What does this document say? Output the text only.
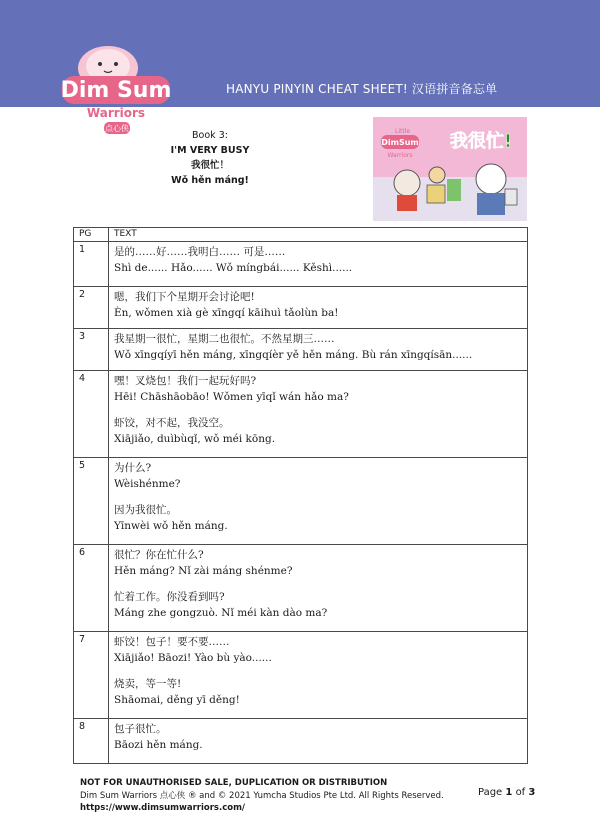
Dim Sum
Warriors
点心侠
HANYU PINYIN CHEAT SHEET! 汉语拼音备忘单
Book 3:
I'M VERY BUSY
我很忙！
Wǒ hěn máng!
Little
DimSum
Warriors
我很忙!
PG	TEXT
1	是的……好……我明白…… 可是……
Shì de...... Hǎo...... Wǒ míngbái...... Kěshì......

2	嗯，我们下个星期开会讨论吧!
Èn, wǒmen xià gè xīngqí kāihuì tǎolùn ba!

3	我星期一很忙，星期二也很忙。不然星期三……
Wǒ xīngqíyī hěn máng, xīngqíèr yě hěn máng. Bù rán xīngqísān......

4	嘿！叉烧包！我们一起玩好吗?
Hēi! Chāshāobāo! Wǒmen yīqǐ wán hǎo ma?
虾饺，对不起，我没空。
Xiājiǎo, duìbùqǐ, wǒ méi kōng.

5	为什么?
Wèishénme?
因为我很忙。
Yīnwèi wǒ hěn máng.

6	很忙？你在忙什么?
Hěn máng? Nǐ zài máng shénme?
忙着工作。你没看到吗?
Máng zhe gongzuò. Nǐ méi kàn dào ma?

7	虾饺！包子！要不要……
Xiājiǎo! Bāozi! Yào bù yào......
烧卖，等一等!
Shāomai, děng yī děng!

8	包子很忙。
Bāozi hěn máng.
NOT FOR UNAUTHORISED SALE, DUPLICATION OR DISTRIBUTION
Dim Sum Warriors 点心侠 ® and © 2021 Yumcha Studios Pte Ltd. All Rights Reserved.
https://www.dimsumwarriors.com/
Page 1 of 3
